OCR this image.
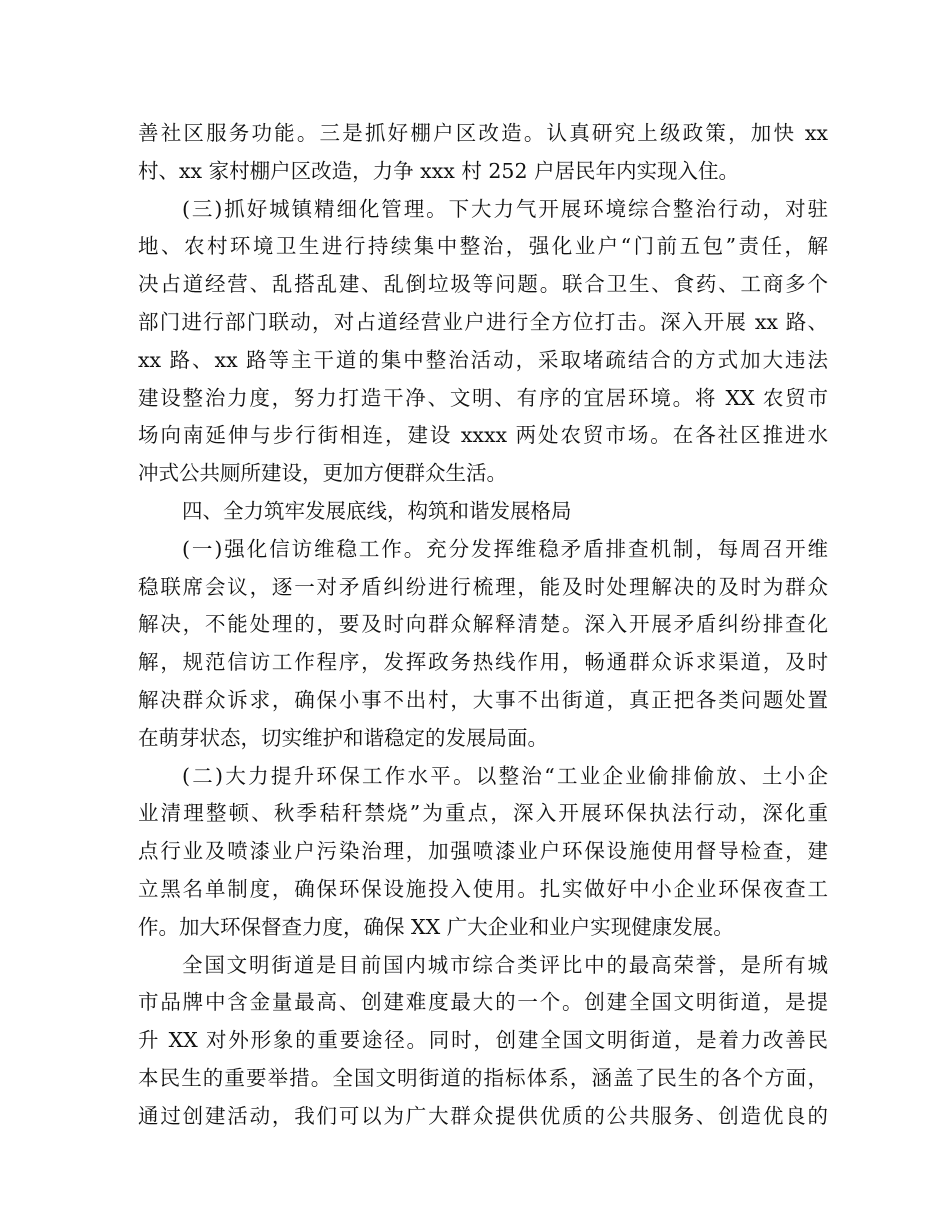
善社区服务功能。三是抓好棚户区改造。认真研究上级政策，加快 xx
村、xx 家村棚户区改造，力争 xxx 村 252 户居民年内实现入住。
(三)抓好城镇精细化管理。下大力气开展环境综合整治行动，对驻
地、农村环境卫生进行持续集中整治，强化业户“门前五包”责任，解
决占道经营、乱搭乱建、乱倒垃圾等问题。联合卫生、食药、工商多个
部门进行部门联动，对占道经营业户进行全方位打击。深入开展 xx 路、
xx 路、xx 路等主干道的集中整治活动，采取堵疏结合的方式加大违法
建设整治力度，努力打造干净、文明、有序的宜居环境。将 XX 农贸市
场向南延伸与步行街相连，建设 xxxx 两处农贸市场。在各社区推进水
冲式公共厕所建设，更加方便群众生活。
四、全力筑牢发展底线，构筑和谐发展格局
(一)强化信访维稳工作。充分发挥维稳矛盾排查机制，每周召开维
稳联席会议，逐一对矛盾纠纷进行梳理，能及时处理解决的及时为群众
解决，不能处理的，要及时向群众解释清楚。深入开展矛盾纠纷排查化
解，规范信访工作程序，发挥政务热线作用，畅通群众诉求渠道，及时
解决群众诉求，确保小事不出村，大事不出街道，真正把各类问题处置
在萌芽状态，切实维护和谐稳定的发展局面。
(二)大力提升环保工作水平。以整治“工业企业偷排偷放、土小企
业清理整顿、秋季秸秆禁烧”为重点，深入开展环保执法行动，深化重
点行业及喷漆业户污染治理，加强喷漆业户环保设施使用督导检查，建
立黑名单制度，确保环保设施投入使用。扎实做好中小企业环保夜查工
作。加大环保督查力度，确保 XX 广大企业和业户实现健康发展。
全国文明街道是目前国内城市综合类评比中的最高荣誉，是所有城
市品牌中含金量最高、创建难度最大的一个。创建全国文明街道，是提
升 XX 对外形象的重要途径。同时，创建全国文明街道，是着力改善民
本民生的重要举措。全国文明街道的指标体系，涵盖了民生的各个方面，
通过创建活动，我们可以为广大群众提供优质的公共服务、创造优良的
